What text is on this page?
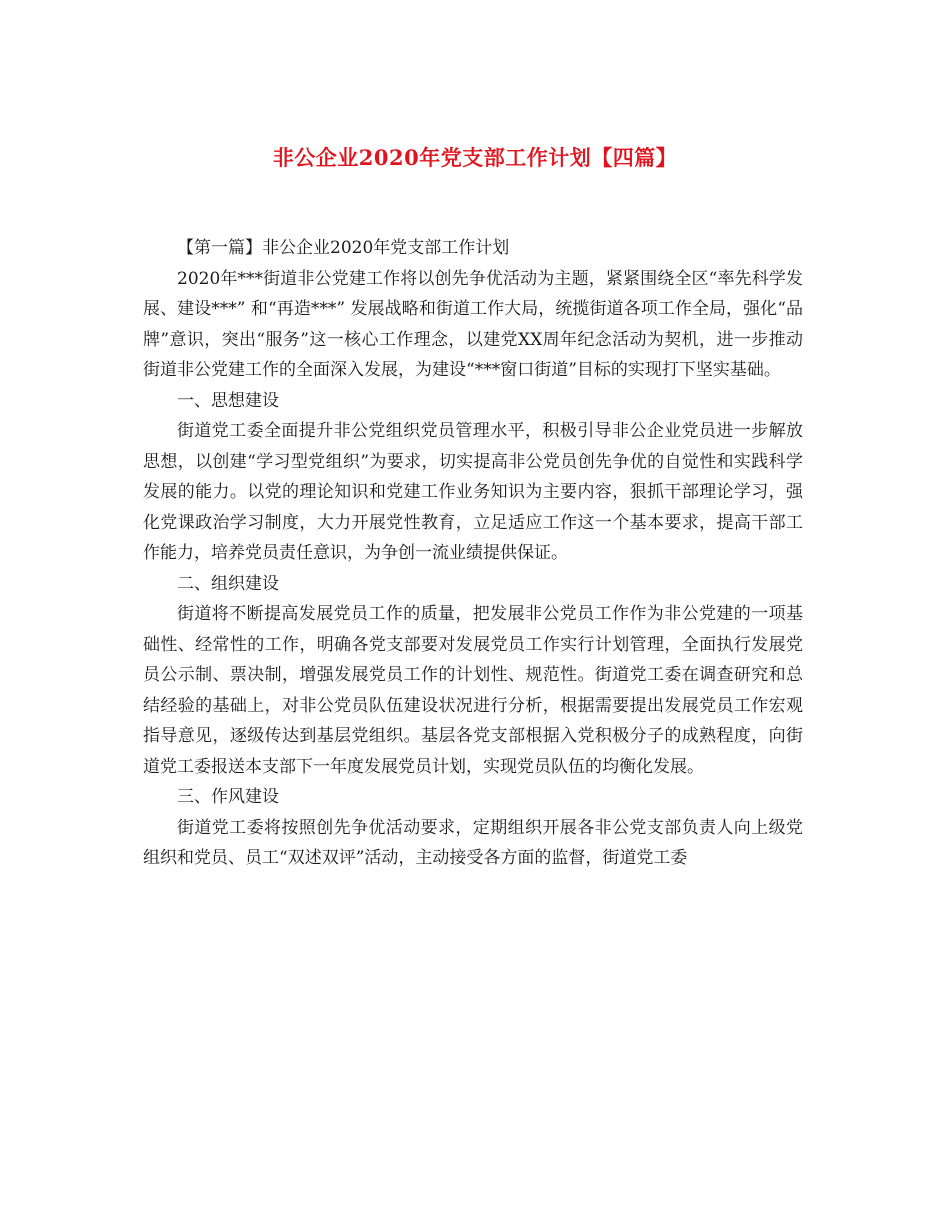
非公企业2020年党支部工作计划【四篇】

【第一篇】非公企业2020年党支部工作计划

2020年***街道非公党建工作将以创先争优活动为主题，紧紧围绕全区“率先科学发展、建设***” 和“再造***” 发展战略和街道工作大局，统揽街道各项工作全局，强化“品牌”意识，突出“服务”这一核心工作理念，以建党XX周年纪念活动为契机，进一步推动街道非公党建工作的全面深入发展，为建设“***窗口街道”目标的实现打下坚实基础。

一、思想建设

街道党工委全面提升非公党组织党员管理水平，积极引导非公企业党员进一步解放思想，以创建“学习型党组织”为要求，切实提高非公党员创先争优的自觉性和实践科学发展的能力。以党的理论知识和党建工作业务知识为主要内容，狠抓干部理论学习，强化党课政治学习制度，大力开展党性教育，立足适应工作这一个基本要求，提高干部工作能力，培养党员责任意识，为争创一流业绩提供保证。

二、组织建设

街道将不断提高发展党员工作的质量，把发展非公党员工作作为非公党建的一项基础性、经常性的工作，明确各党支部要对发展党员工作实行计划管理，全面执行发展党员公示制、票决制，增强发展党员工作的计划性、规范性。街道党工委在调查研究和总结经验的基础上，对非公党员队伍建设状况进行分析，根据需要提出发展党员工作宏观指导意见，逐级传达到基层党组织。基层各党支部根据入党积极分子的成熟程度，向街道党工委报送本支部下一年度发展党员计划，实现党员队伍的均衡化发展。

三、作风建设

街道党工委将按照创先争优活动要求，定期组织开展各非公党支部负责人向上级党组织和党员、员工“双述双评”活动，主动接受各方面的监督，街道党工委
